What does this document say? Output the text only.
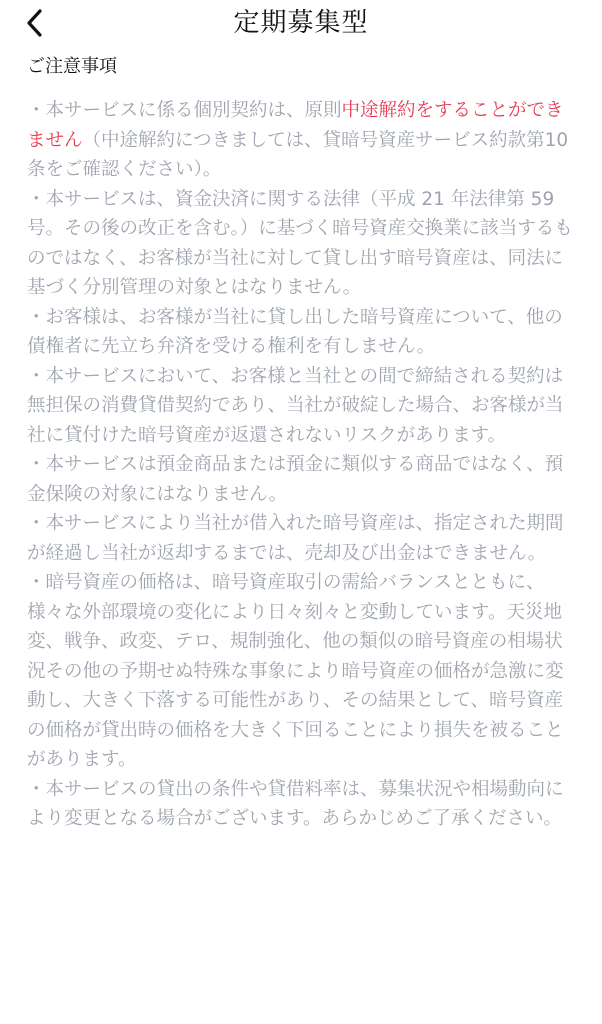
定期募集型
ご注意事項

・本サービスに係る個別契約は、原則中途解約をすることができません（中途解約につきましては、貸暗号資産サービス約款第10条をご確認ください）。

・本サービスは、資金決済に関する法律（平成 21 年法律第 59 号。その後の改正を含む。）に基づく暗号資産交換業に該当するものではなく、お客様が当社に対して貸し出す暗号資産は、同法に基づく分別管理の対象とはなりません。

・お客様は、お客様が当社に貸し出した暗号資産について、他の債権者に先立ち弁済を受ける権利を有しません。

・本サービスにおいて、お客様と当社との間で締結される契約は無担保の消費貸借契約であり、当社が破綻した場合、お客様が当社に貸付けた暗号資産が返還されないリスクがあります。

・本サービスは預金商品または預金に類似する商品ではなく、預金保険の対象にはなりません。

・本サービスにより当社が借入れた暗号資産は、指定された期間が経過し当社が返却するまでは、売却及び出金はできません。

・暗号資産の価格は、暗号資産取引の需給バランスとともに、様々な外部環境の変化により日々刻々と変動しています。天災地変、戦争、政変、テロ、規制強化、他の類似の暗号資産の相場状況その他の予期せぬ特殊な事象により暗号資産の価格が急激に変動し、大きく下落する可能性があり、その結果として、暗号資産の価格が貸出時の価格を大きく下回ることにより損失を被ることがあります。

・本サービスの貸出の条件や貸借料率は、募集状況や相場動向により変更となる場合がございます。あらかじめご了承ください。
